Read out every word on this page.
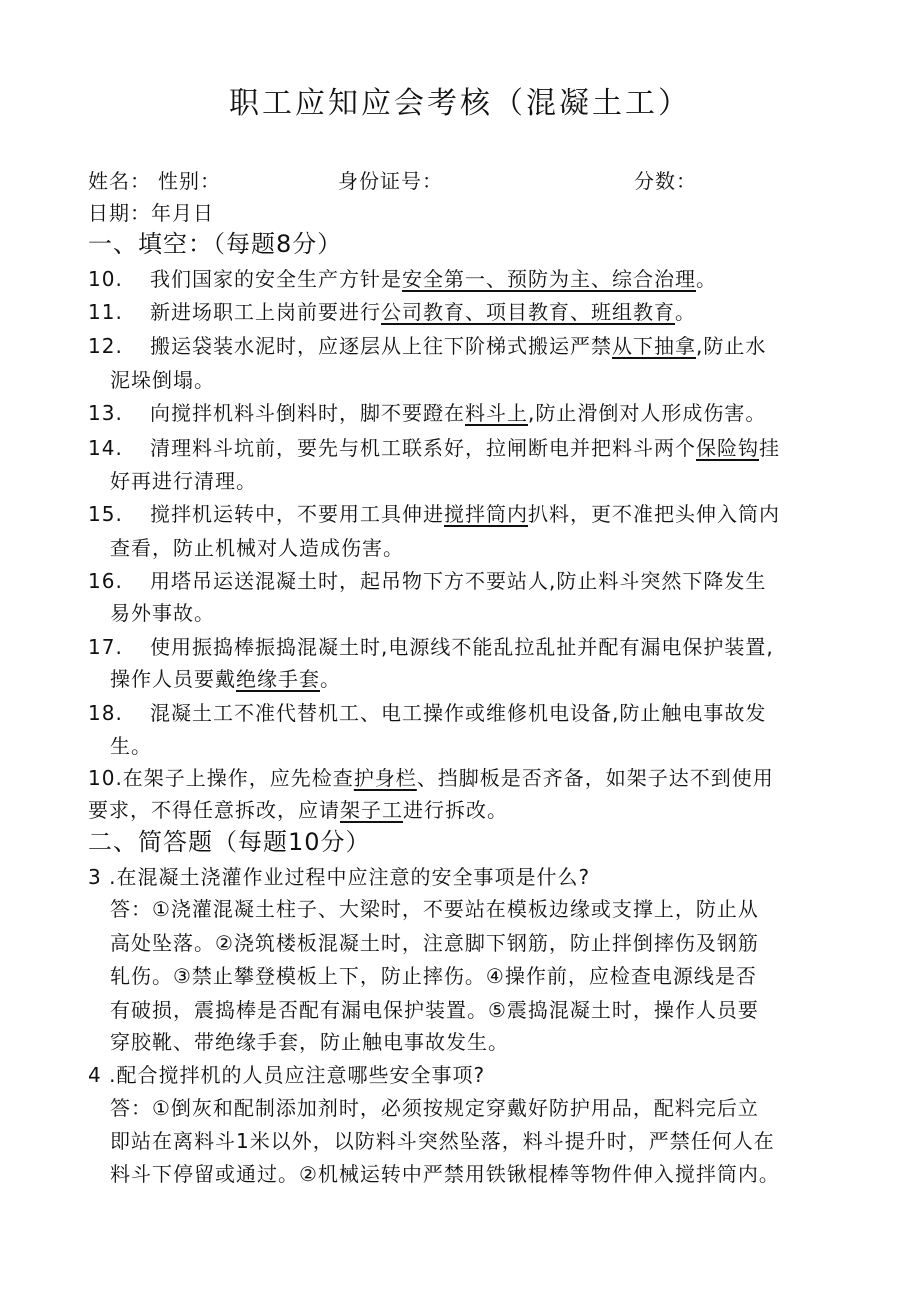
职工应知应会考核（混凝土工）
姓名： 性别：	身份证号：	分数：
日期：年月日
一、填空：（每题8分）
10. 我们国家的安全生产方针是安全第一、预防为主、综合治理。
11. 新进场职工上岗前要进行公司教育、项目教育、班组教育。
12. 搬运袋装水泥时，应逐层从上往下阶梯式搬运严禁从下抽拿,防止水
泥垛倒塌。
13. 向搅拌机料斗倒料时，脚不要蹬在料斗上,防止滑倒对人形成伤害。
14. 清理料斗坑前，要先与机工联系好，拉闸断电并把料斗两个保险钩挂
好再进行清理。
15. 搅拌机运转中，不要用工具伸进搅拌筒内扒料，更不准把头伸入筒内
查看，防止机械对人造成伤害。
16. 用塔吊运送混凝土时，起吊物下方不要站人,防止料斗突然下降发生
易外事故。
17. 使用振捣棒振捣混凝土时,电源线不能乱拉乱扯并配有漏电保护装置,
操作人员要戴绝缘手套。
18. 混凝土工不准代替机工、电工操作或维修机电设备,防止触电事故发
生。
10.在架子上操作，应先检查护身栏、挡脚板是否齐备，如架子达不到使用
要求，不得任意拆改，应请架子工进行拆改。
二、简答题（每题10分）
3 .在混凝土浇灌作业过程中应注意的安全事项是什么?
答：①浇灌混凝土柱子、大梁时，不要站在模板边缘或支撑上，防止从
高处坠落。②浇筑楼板混凝土时，注意脚下钢筋，防止拌倒摔伤及钢筋
轧伤。③禁止攀登模板上下，防止摔伤。④操作前，应检查电源线是否
有破损，震捣棒是否配有漏电保护装置。⑤震捣混凝土时，操作人员要
穿胶靴、带绝缘手套，防止触电事故发生。
4 .配合搅拌机的人员应注意哪些安全事项?
答：①倒灰和配制添加剂时，必须按规定穿戴好防护用品，配料完后立
即站在离料斗1米以外，以防料斗突然坠落，料斗提升时，严禁任何人在
料斗下停留或通过。②机械运转中严禁用铁锹棍棒等物件伸入搅拌筒内。
